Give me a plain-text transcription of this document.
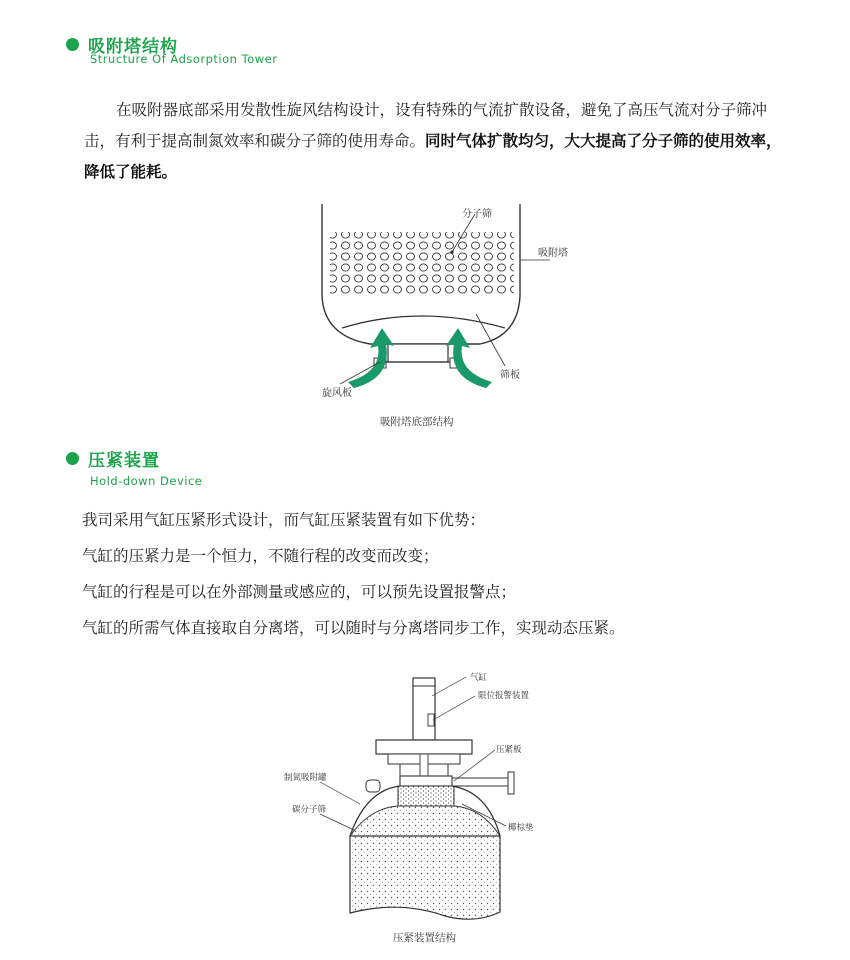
吸附塔结构
Structure Of Adsorption Tower
在吸附器底部采用发散性旋风结构设计，设有特殊的气流扩散设备，避免了高压气流对分子筛冲击，有利于提高制氮效率和碳分子筛的使用寿命。同时气体扩散均匀，大大提高了分子筛的使用效率，降低了能耗。
分子筛
吸附塔
旋风板
筛板
吸附塔底部结构
压紧装置
Hold-down Device
我司采用气缸压紧形式设计，而气缸压紧装置有如下优势：
气缸的压紧力是一个恒力，不随行程的改变而改变；
气缸的行程是可以在外部测量或感应的，可以预先设置报警点；
气缸的所需气体直接取自分离塔，可以随时与分离塔同步工作，实现动态压紧。
气缸
限位报警装置
压紧板
制氮吸附罐
碳分子筛
椰棕垫
压紧装置结构
